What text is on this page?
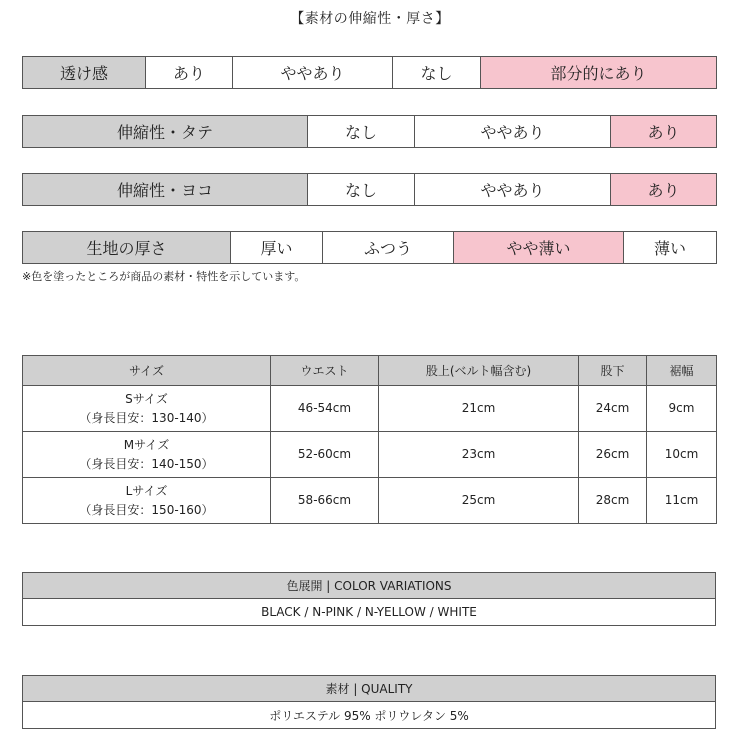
【素材の伸縮性・厚さ】
透け感	あり	ややあり	なし	部分的にあり
伸縮性・タテ	なし	ややあり	あり
伸縮性・ヨコ	なし	ややあり	あり
生地の厚さ	厚い	ふつう	やや薄い	薄い
※色を塗ったところが商品の素材・特性を示しています。
サイズ	ウエスト	股上(ベルト幅含む)	股下	裾幅

Sサイズ
（身長目安：130-140）	46-54cm	21cm	24cm	9cm

Mサイズ
（身長目安：140-150）	52-60cm	23cm	26cm	10cm

Lサイズ
（身長目安：150-160）	58-66cm	25cm	28cm	11cm
色展開 | COLOR VARIATIONS
BLACK / N-PINK / N-YELLOW / WHITE
素材 | QUALITY
ポリエステル 95% ポリウレタン 5%
